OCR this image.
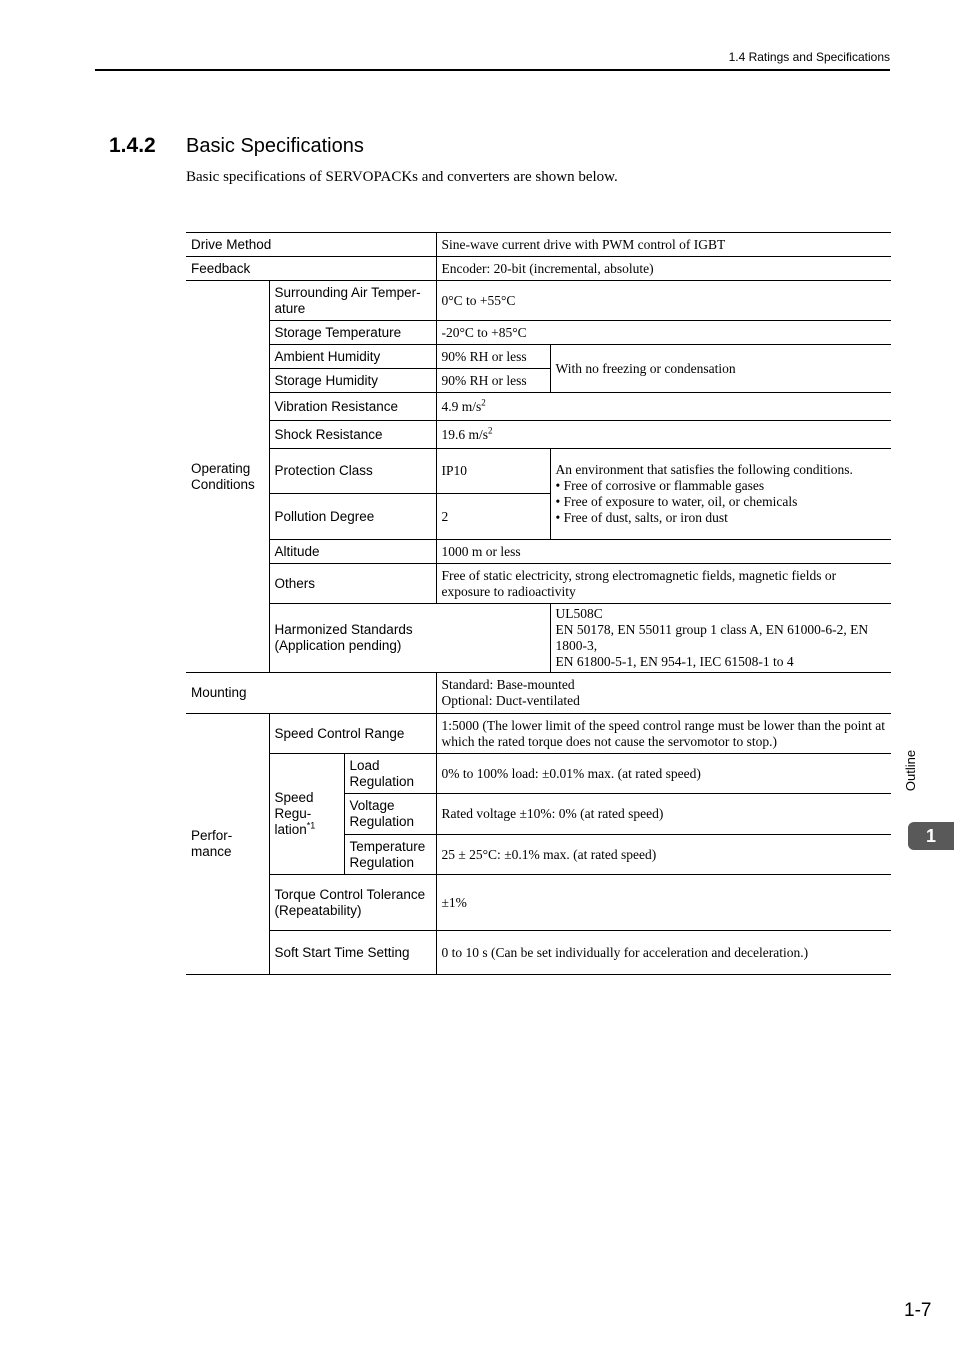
1.4 Ratings and Specifications
1.4.2 Basic Specifications
Basic specifications of SERVOPACKs and converters are shown below.
Drive Method			Sine-wave current drive with PWM control of IGBT	
Feedback			Encoder: 20-bit (incremental, absolute)	
Operating Conditions	Surrounding Air Temper-ature		0°C to +55°C	
	Storage Temperature		-20°C to +85°C	
	Ambient Humidity		90% RH or less	With no freezing or condensation
	Storage Humidity		90% RH or less	
	Vibration Resistance		4.9 $m/s^2$
	Shock Resistance		19.6 $m/s^2$
	Protection Class		IP10	An environment that satisfies the following conditions.
• Free of corrosive or flammable gases
• Free of exposure to water, oil, or chemicals
• Free of dust, salts, or iron dust

	Pollution Degree		2	
	Altitude		1000 m or less	
	Others		Free of static electricity, strong electromagnetic fields, magnetic fields or exposure to radioactivity	

	Harmonized Standards
(Application pending)			UL508C
EN 50178, EN 55011 group 1 class A, EN 61000-6-2, EN 1800-3,
EN 61800-5-1, EN 954-1, IEC 61508-1 to 4

Mounting			Standard: Base-mounted
Optional: Duct-ventilated	

Perfor-mance	Speed Control Range		1:5000 (The lower limit of the speed control range must be lower than the point at which the rated torque does not cause the servomotor to stop.)	
	Speed Regu-lation$^{*1}$	Load Regulation	0% to 100% load: ±0.01% max. (at rated speed)	
		Voltage Regulation	Rated voltage ±10%: 0% (at rated speed)	
		Temperature Regulation	25 ± 25°C: ±0.1% max. (at rated speed)	
	Torque Control Tolerance (Repeatability)		±1%	
	Soft Start Time Setting		0 to 10 s (Can be set individually for acceleration and deceleration.)	
Outline
1
1-7
